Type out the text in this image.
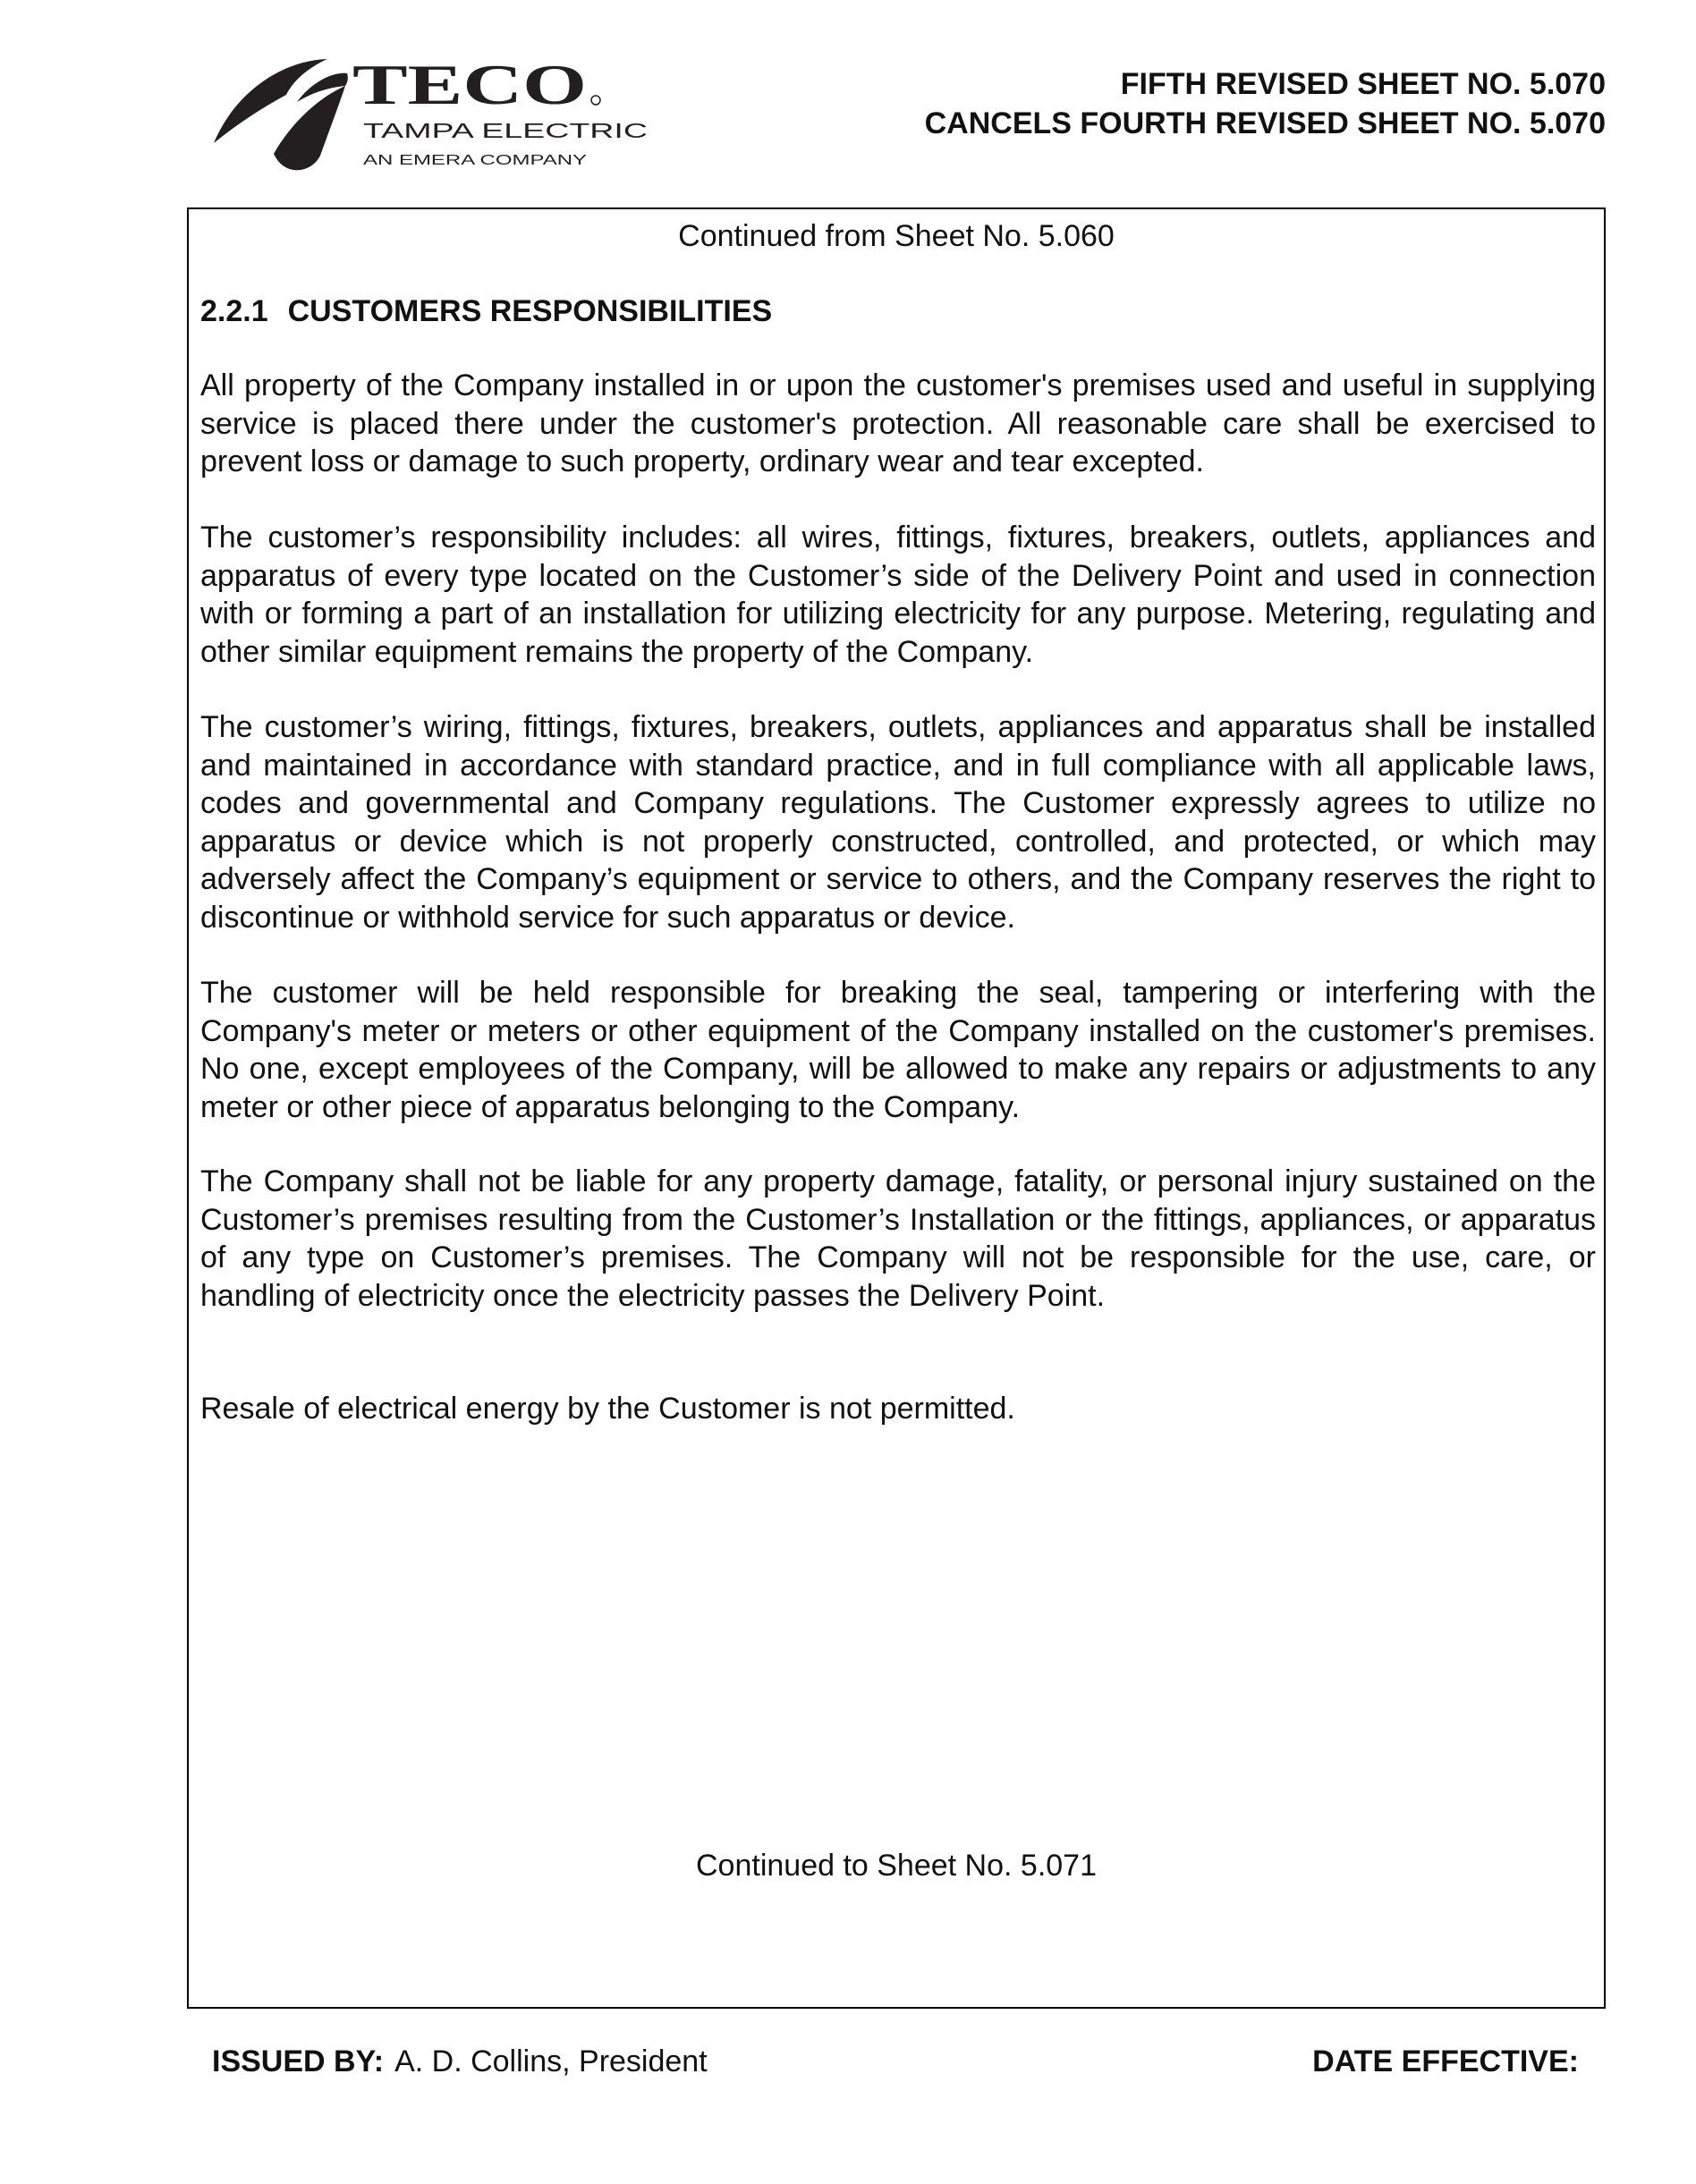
TECO
TAMPA ELECTRIC
AN EMERA COMPANY
FIFTH REVISED SHEET NO. 5.070
CANCELS FOURTH REVISED SHEET NO. 5.070
Continued from Sheet No. 5.060
2.2.1 CUSTOMERS RESPONSIBILITIES

All property of the Company installed in or upon the customer's premises used and useful in supplying service is placed there under the customer's protection. All reasonable care shall be exercised to prevent loss or damage to such property, ordinary wear and tear excepted.

The customer’s responsibility includes: all wires, fittings, fixtures, breakers, outlets, appliances and apparatus of every type located on the Customer’s side of the Delivery Point and used in connection with or forming a part of an installation for utilizing electricity for any purpose. Metering, regulating and other similar equipment remains the property of the Company.

The customer’s wiring, fittings, fixtures, breakers, outlets, appliances and apparatus shall be installed and maintained in accordance with standard practice, and in full compliance with all applicable laws, codes and governmental and Company regulations. The Customer expressly agrees to utilize no apparatus or device which is not properly constructed, controlled, and protected, or which may adversely affect the Company’s equipment or service to others, and the Company reserves the right to discontinue or withhold service for such apparatus or device.

The customer will be held responsible for breaking the seal, tampering or interfering with the Company's meter or meters or other equipment of the Company installed on the customer's premises. No one, except employees of the Company, will be allowed to make any repairs or adjustments to any meter or other piece of apparatus belonging to the Company.

The Company shall not be liable for any property damage, fatality, or personal injury sustained on the Customer’s premises resulting from the Customer’s Installation or the fittings, appliances, or apparatus of any type on Customer’s premises. The Company will not be responsible for the use, care, or handling of electricity once the electricity passes the Delivery Point.

Resale of electrical energy by the Customer is not permitted.

Continued to Sheet No. 5.071
ISSUED BY: A. D. Collins, President	DATE EFFECTIVE:
